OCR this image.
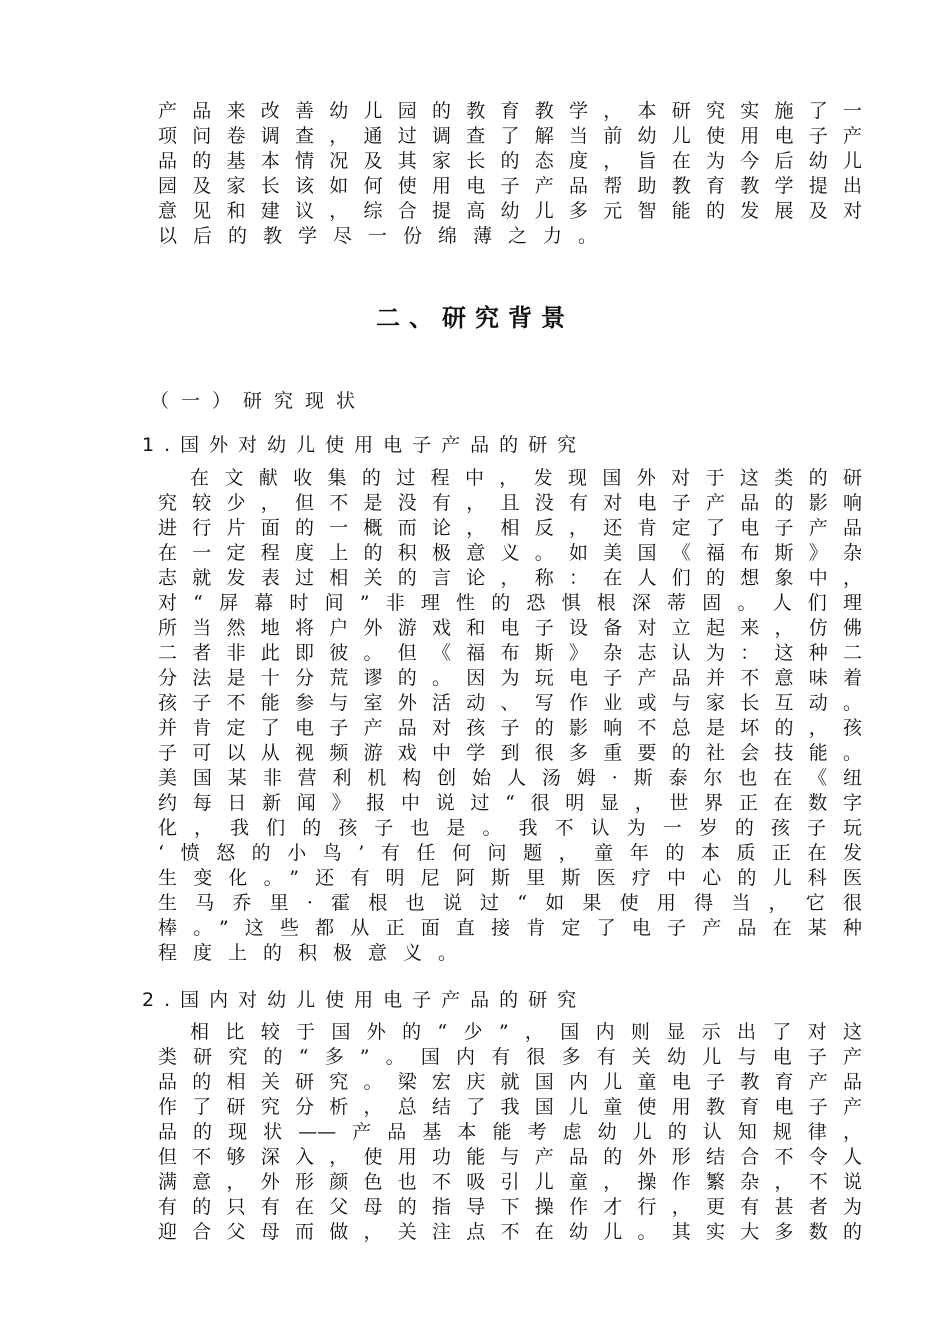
产品来改善幼儿园的教育教学，本研究实施了一
项问卷调查，通过调查了解当前幼儿使用电子产
品的基本情况及其家长的态度，旨在为今后幼儿
园及家长该如何使用电子产品帮助教育教学提出
意见和建议，综合提高幼儿多元智能的发展及对
以后的教学尽一份绵薄之力。
二、研究背景
（一）研究现状
1.国外对幼儿使用电子产品的研究
在文献收集的过程中，发现国外对于这类的研
究较少，但不是没有，且没有对电子产品的影响
进行片面的一概而论，相反，还肯定了电子产品
在一定程度上的积极意义。如美国《福布斯》杂
志就发表过相关的言论，称：在人们的想象中，
对“屏幕时间”非理性的恐惧根深蒂固。人们理
所当然地将户外游戏和电子设备对立起来，仿佛
二者非此即彼。但《福布斯》杂志认为：这种二
分法是十分荒谬的。因为玩电子产品并不意味着
孩子不能参与室外活动、写作业或与家长互动。
并肯定了电子产品对孩子的影响不总是坏的，孩
子可以从视频游戏中学到很多重要的社会技能。
美国某非营利机构创始人汤姆·斯泰尔也在《纽
约每日新闻》报中说过“很明显，世界正在数字
化，我们的孩子也是。我不认为一岁的孩子玩
‘愤怒的小鸟’有任何问题，童年的本质正在发
生变化。”还有明尼阿斯里斯医疗中心的儿科医
生马乔里·霍根也说过“如果使用得当，它很
棒。”这些都从正面直接肯定了电子产品在某种
程度上的积极意义。
2.国内对幼儿使用电子产品的研究
相比较于国外的“少”，国内则显示出了对这
类研究的“多”。国内有很多有关幼儿与电子产
品的相关研究。梁宏庆就国内儿童电子教育产品
作了研究分析，总结了我国儿童使用教育电子产
品的现状——产品基本能考虑幼儿的认知规律，
但不够深入，使用功能与产品的外形结合不令人
满意，外形颜色也不吸引儿童，操作繁杂，不说
有的只有在父母的指导下操作才行，更有甚者为
迎合父母而做，关注点不在幼儿。其实大多数的
